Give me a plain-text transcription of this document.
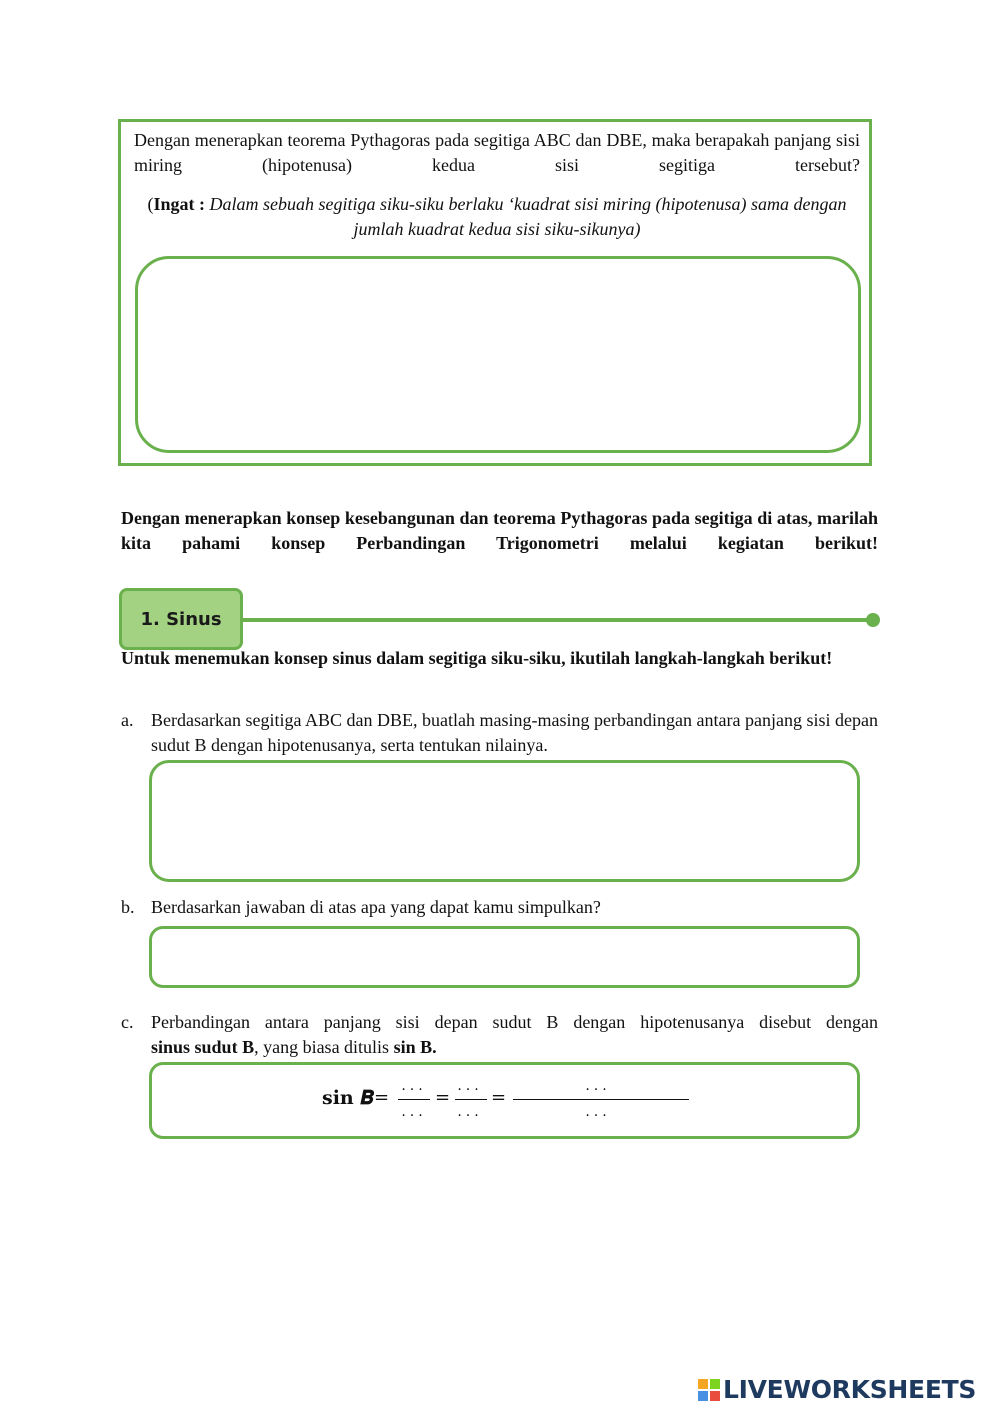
Dengan menerapkan teorema Pythagoras pada segitiga ABC dan DBE, maka berapakah panjang sisi miring (hipotenusa) kedua sisi segitiga tersebut?
(Ingat : Dalam sebuah segitiga siku-siku berlaku ‘kuadrat sisi miring (hipotenusa) sama dengan jumlah kuadrat kedua sisi siku-sikunya)
Dengan menerapkan konsep kesebangunan dan teorema Pythagoras pada segitiga di atas, marilah kita pahami konsep Perbandingan Trigonometri melalui kegiatan berikut!
1. Sinus
Untuk menemukan konsep sinus dalam segitiga siku-siku, ikutilah langkah-langkah berikut!
a. Berdasarkan segitiga ABC dan DBE, buatlah masing-masing perbandingan antara panjang sisi depan sudut B dengan hipotenusanya, serta tentukan nilainya.
b. Berdasarkan jawaban di atas apa yang dapat kamu simpulkan?
c. Perbandingan antara panjang sisi depan sudut B dengan hipotenusanya disebut dengan
sinus sudut B, yang biasa ditulis sin B.
sin 𝑩 =
...
...
=
...
...
=
...
...
LIVEWORKSHEETS
